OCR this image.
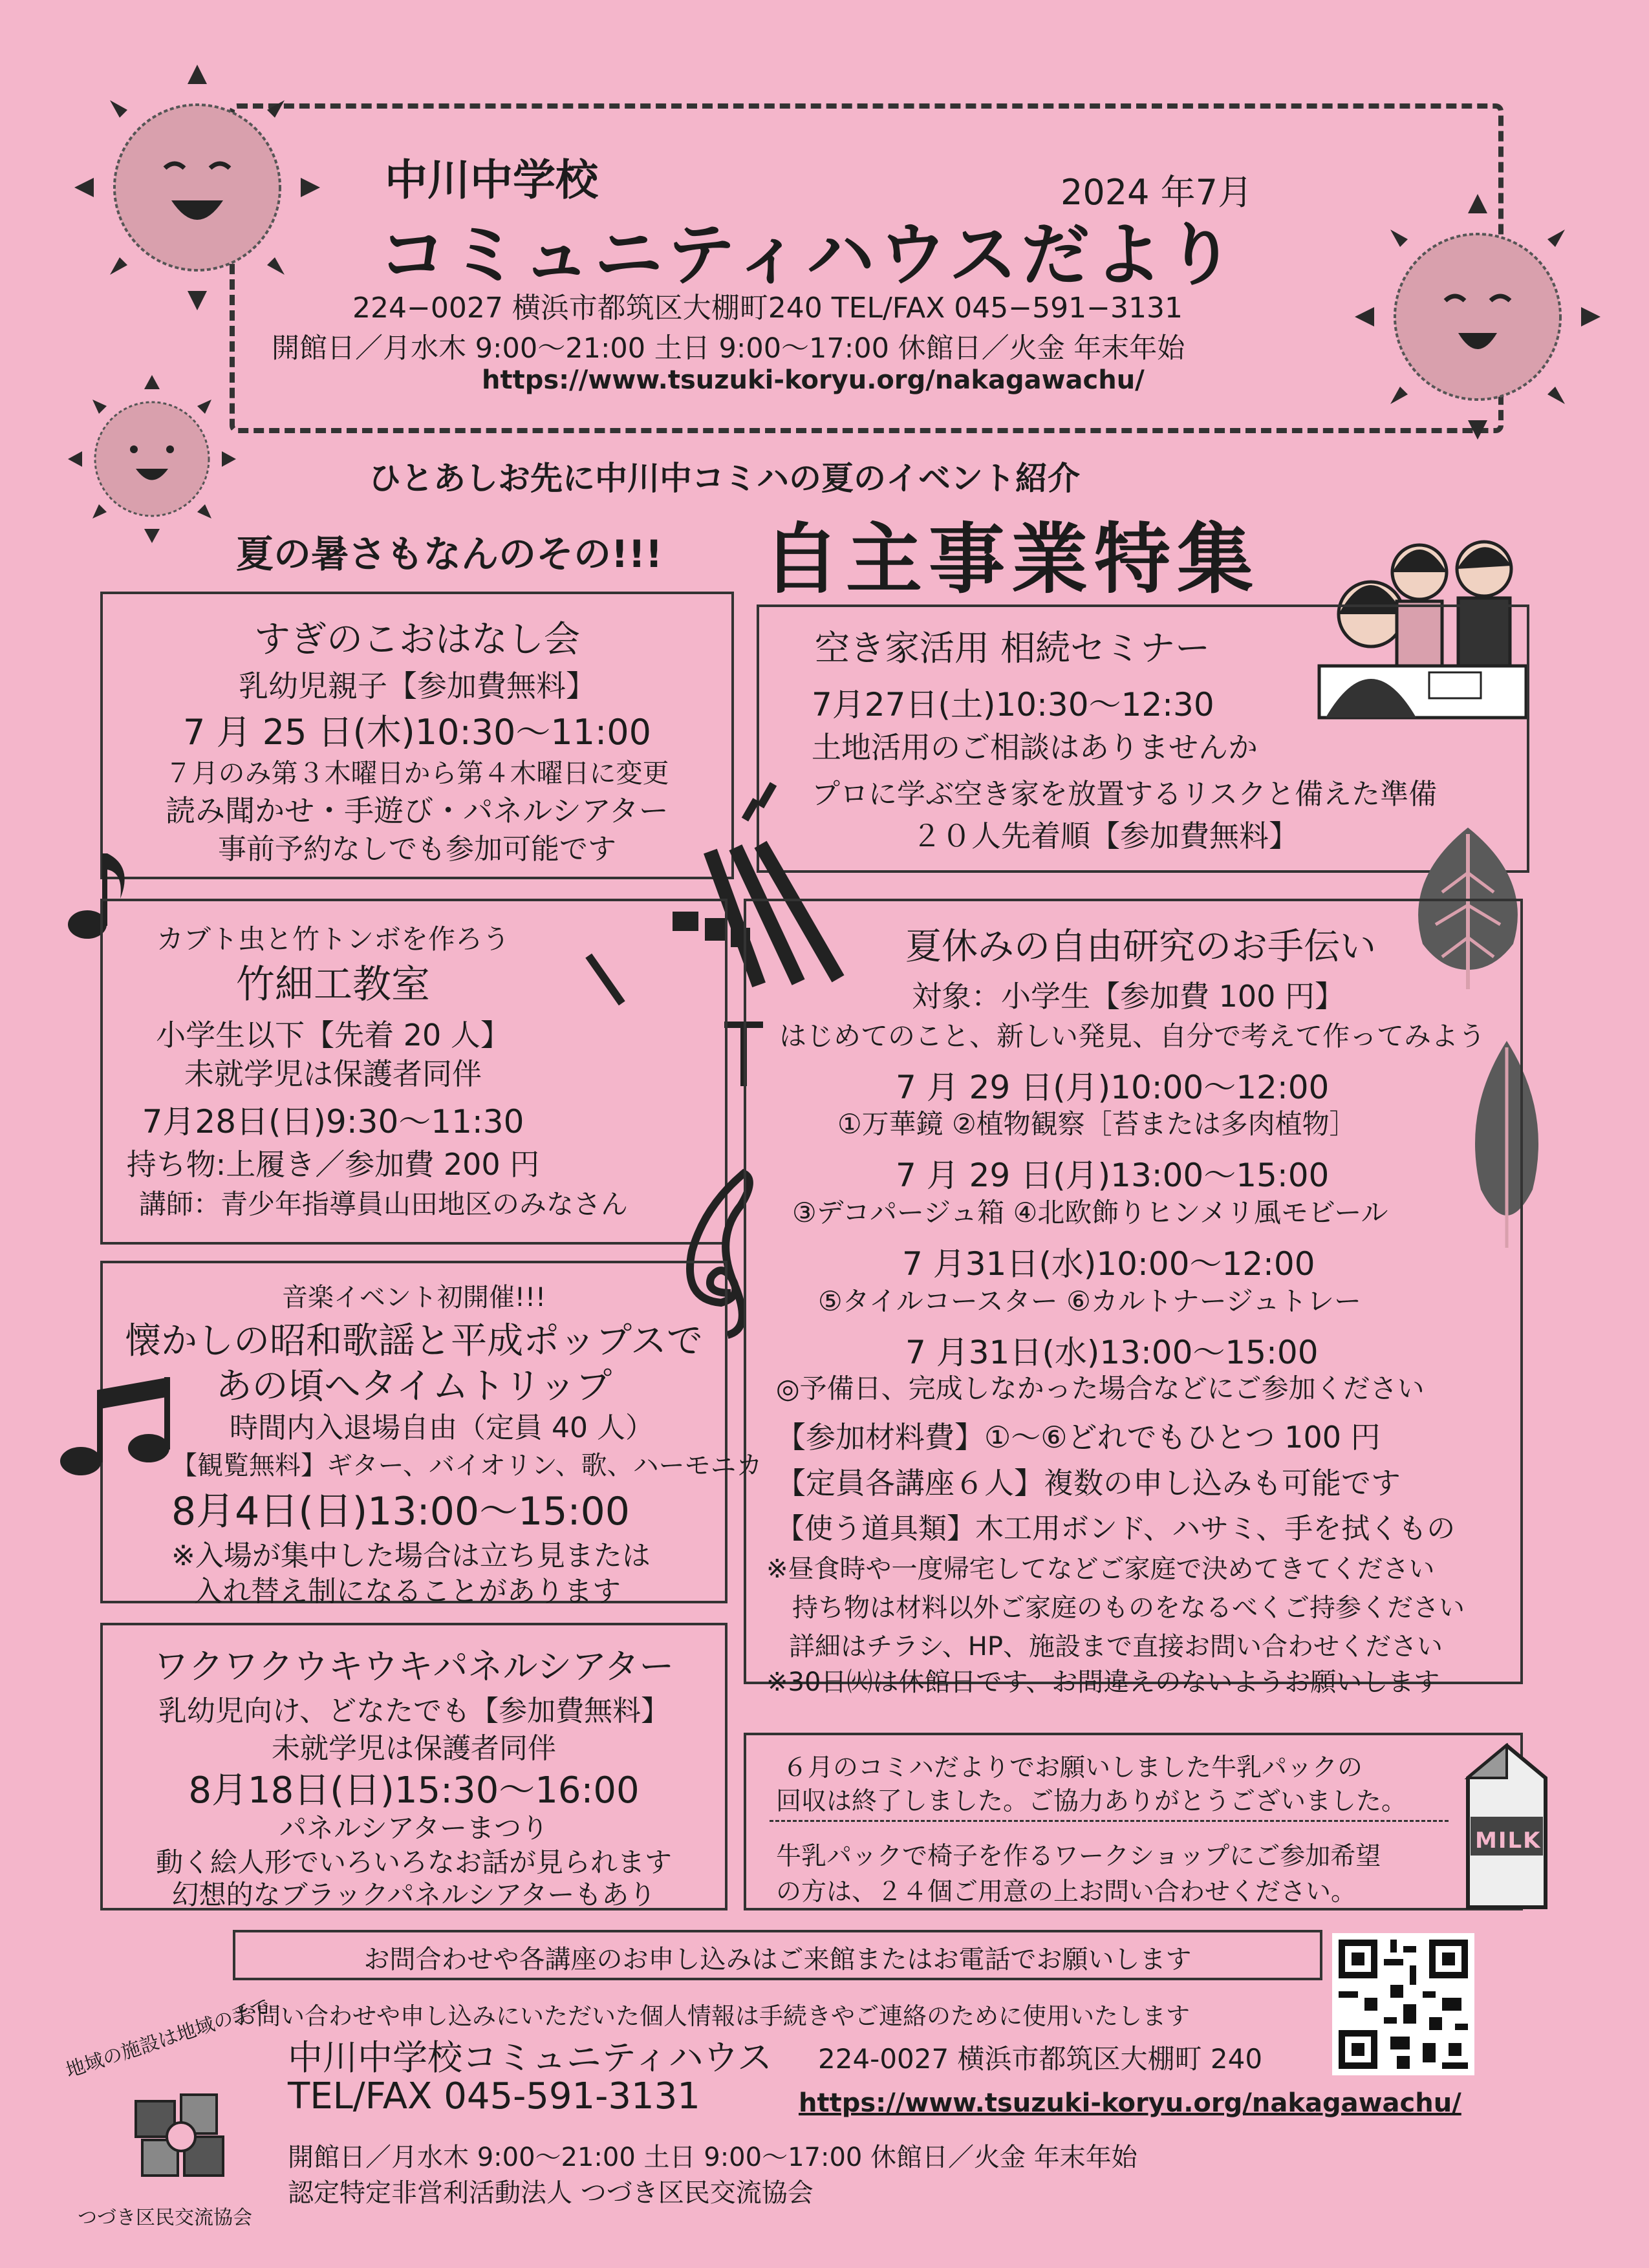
中川中学校	2024 年7月
コミュニティハウスだより
224−0027 横浜市都筑区大棚町240 TEL/FAX 045−591−3131
開館日／月水木 9:00〜21:00 土日 9:00〜17:00 休館日／火金 年末年始
https://www.tsuzuki-koryu.org/nakagawachu/
ひとあしお先に中川中コミハの夏のイベント紹介
夏の暑さもなんのその!!! 自主事業特集
すぎのこおはなし会
乳幼児親子【参加費無料】
7 月 25 日(木)10:30〜11:00
７月のみ第３木曜日から第４木曜日に変更
読み聞かせ・手遊び・パネルシアター
事前予約なしでも参加可能です
空き家活用 相続セミナー
7月27日(土)10:30〜12:30
土地活用のご相談はありませんか
プロに学ぶ空き家を放置するリスクと備えた準備
２０人先着順【参加費無料】
カブト虫と竹トンボを作ろう
竹細工教室
小学生以下【先着 20 人】
未就学児は保護者同伴
7月28日(日)9:30〜11:30
持ち物:上履き／参加費 200 円
講師：青少年指導員山田地区のみなさん
夏休みの自由研究のお手伝い
対象：小学生【参加費 100 円】
はじめてのこと、新しい発見、自分で考えて作ってみよう
7 月 29 日(月)10:00〜12:00
①万華鏡 ②植物観察［苔または多肉植物］
7 月 29 日(月)13:00〜15:00
③デコパージュ箱 ④北欧飾りヒンメリ風モビール
7 月31日(水)10:00〜12:00
⑤タイルコースター ⑥カルトナージュトレー
7 月31日(水)13:00〜15:00
◎予備日、完成しなかった場合などにご参加ください
【参加材料費】①〜⑥どれでもひとつ 100 円
【定員各講座６人】複数の申し込みも可能です
【使う道具類】木工用ボンド、ハサミ、手を拭くもの
※昼食時や一度帰宅してなどご家庭で決めてきてください
持ち物は材料以外ご家庭のものをなるべくご持参ください
詳細はチラシ、HP、施設まで直接お問い合わせください
※30日㈫は休館日です、お間違えのないようお願いします
音楽イベント初開催!!!
懐かしの昭和歌謡と平成ポップスで
あの頃へタイムトリップ
時間内入退場自由（定員 40 人）
【観覧無料】ギター、バイオリン、歌、ハーモニカ
8月4日(日)13:00〜15:00
※入場が集中した場合は立ち見または
入れ替え制になることがあります
ワクワクウキウキパネルシアター
乳幼児向け、どなたでも【参加費無料】
未就学児は保護者同伴
8月18日(日)15:30〜16:00
パネルシアターまつり
動く絵人形でいろいろなお話が見られます
幻想的なブラックパネルシアターもあり
６月のコミハだよりでお願いしました牛乳パックの
回収は終了しました。ご協力ありがとうございました。
牛乳パックで椅子を作るワークショップにご参加希望
の方は、２４個ご用意の上お問い合わせください。
MILK
お問合わせや各講座のお申し込みはご来館またはお電話でお願いします
お問い合わせや申し込みにいただいた個人情報は手続きやご連絡のために使用いたします
地域の施設は地域の手で
つづき区民交流協会
中川中学校コミュニティハウス 224-0027 横浜市都筑区大棚町 240
TEL/FAX 045-591-3131	https://www.tsuzuki-koryu.org/nakagawachu/
開館日／月水木 9:00〜21:00 土日 9:00〜17:00 休館日／火金 年末年始
認定特定非営利活動法人 つづき区民交流協会
